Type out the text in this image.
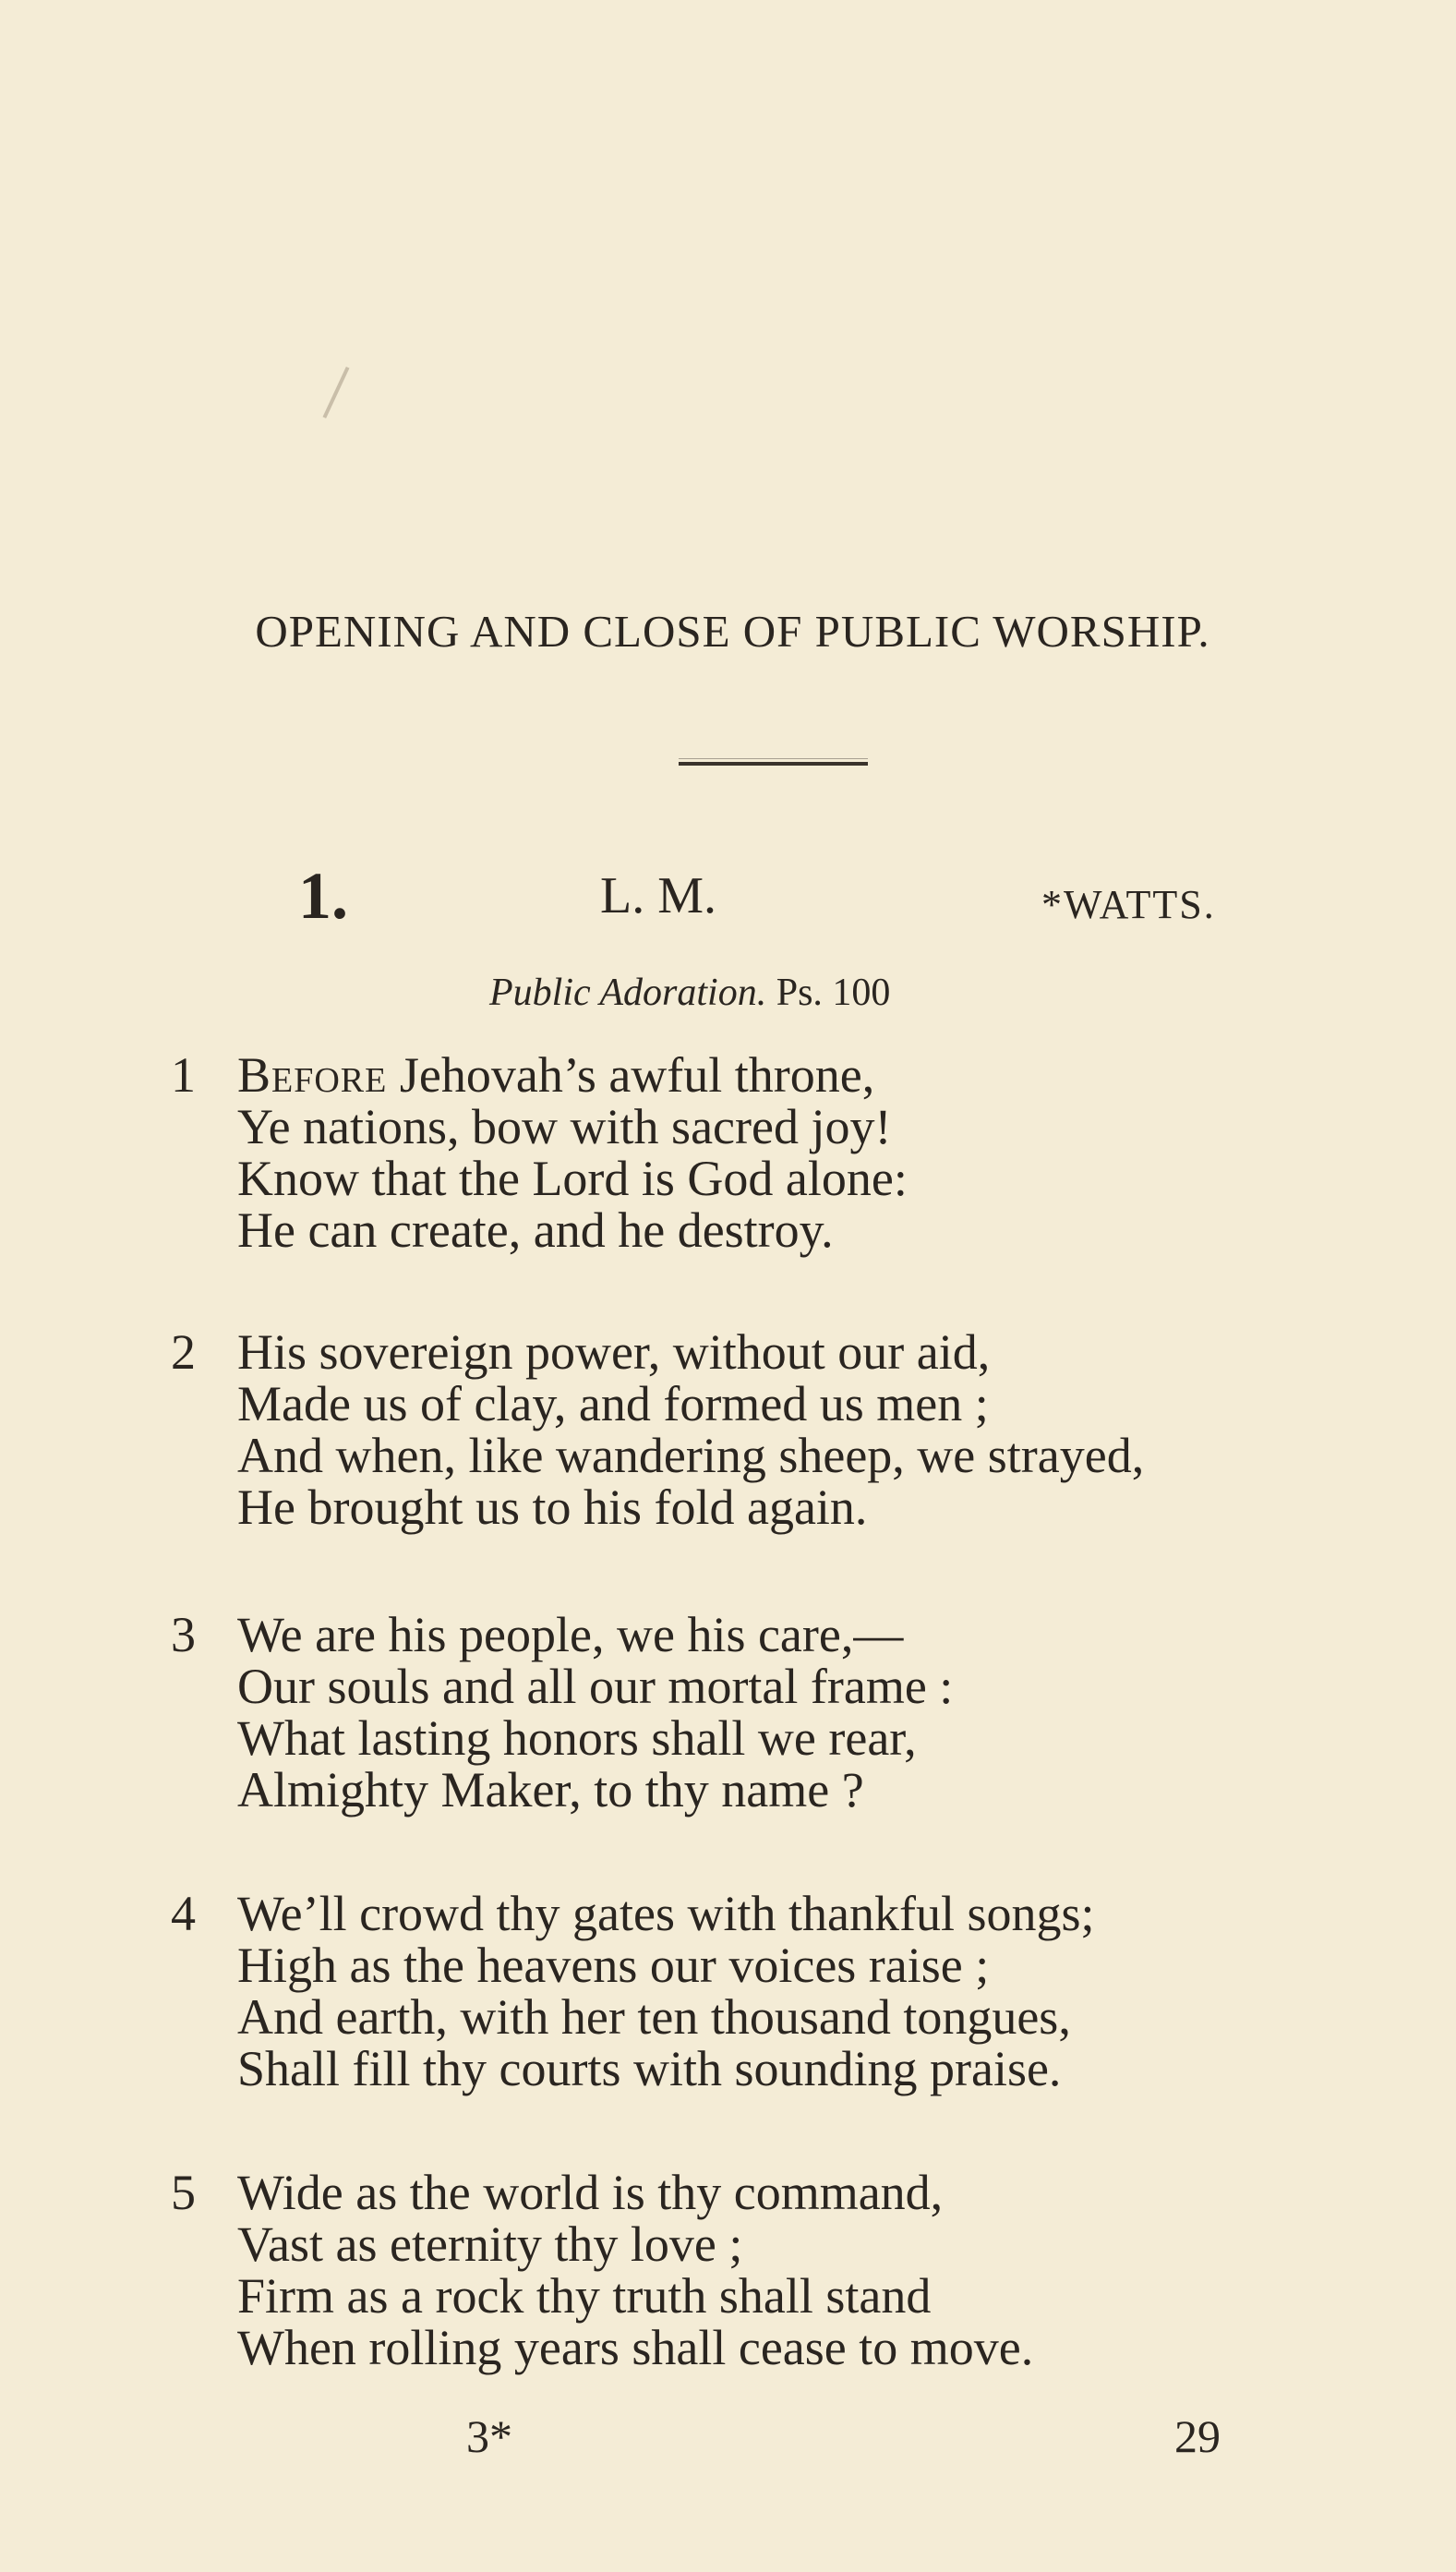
OPENING AND CLOSE OF PUBLIC WORSHIP.
1.	L. M.	*WATTS.
Public Adoration. Ps. 100
1 Before Jehovah’s awful throne,
Ye nations, bow with sacred joy!
Know that the Lord is God alone:
He can create, and he destroy.
2 His sovereign power, without our aid,
Made us of clay, and formed us men ;
And when, like wandering sheep, we strayed,
He brought us to his fold again.
3 We are his people, we his care,—
Our souls and all our mortal frame :
What lasting honors shall we rear,
Almighty Maker, to thy name ?
4 We’ll crowd thy gates with thankful songs;
High as the heavens our voices raise ;
And earth, with her ten thousand tongues,
Shall fill thy courts with sounding praise.
5 Wide as the world is thy command,
Vast as eternity thy love ;
Firm as a rock thy truth shall stand
When rolling years shall cease to move.
3*	29
